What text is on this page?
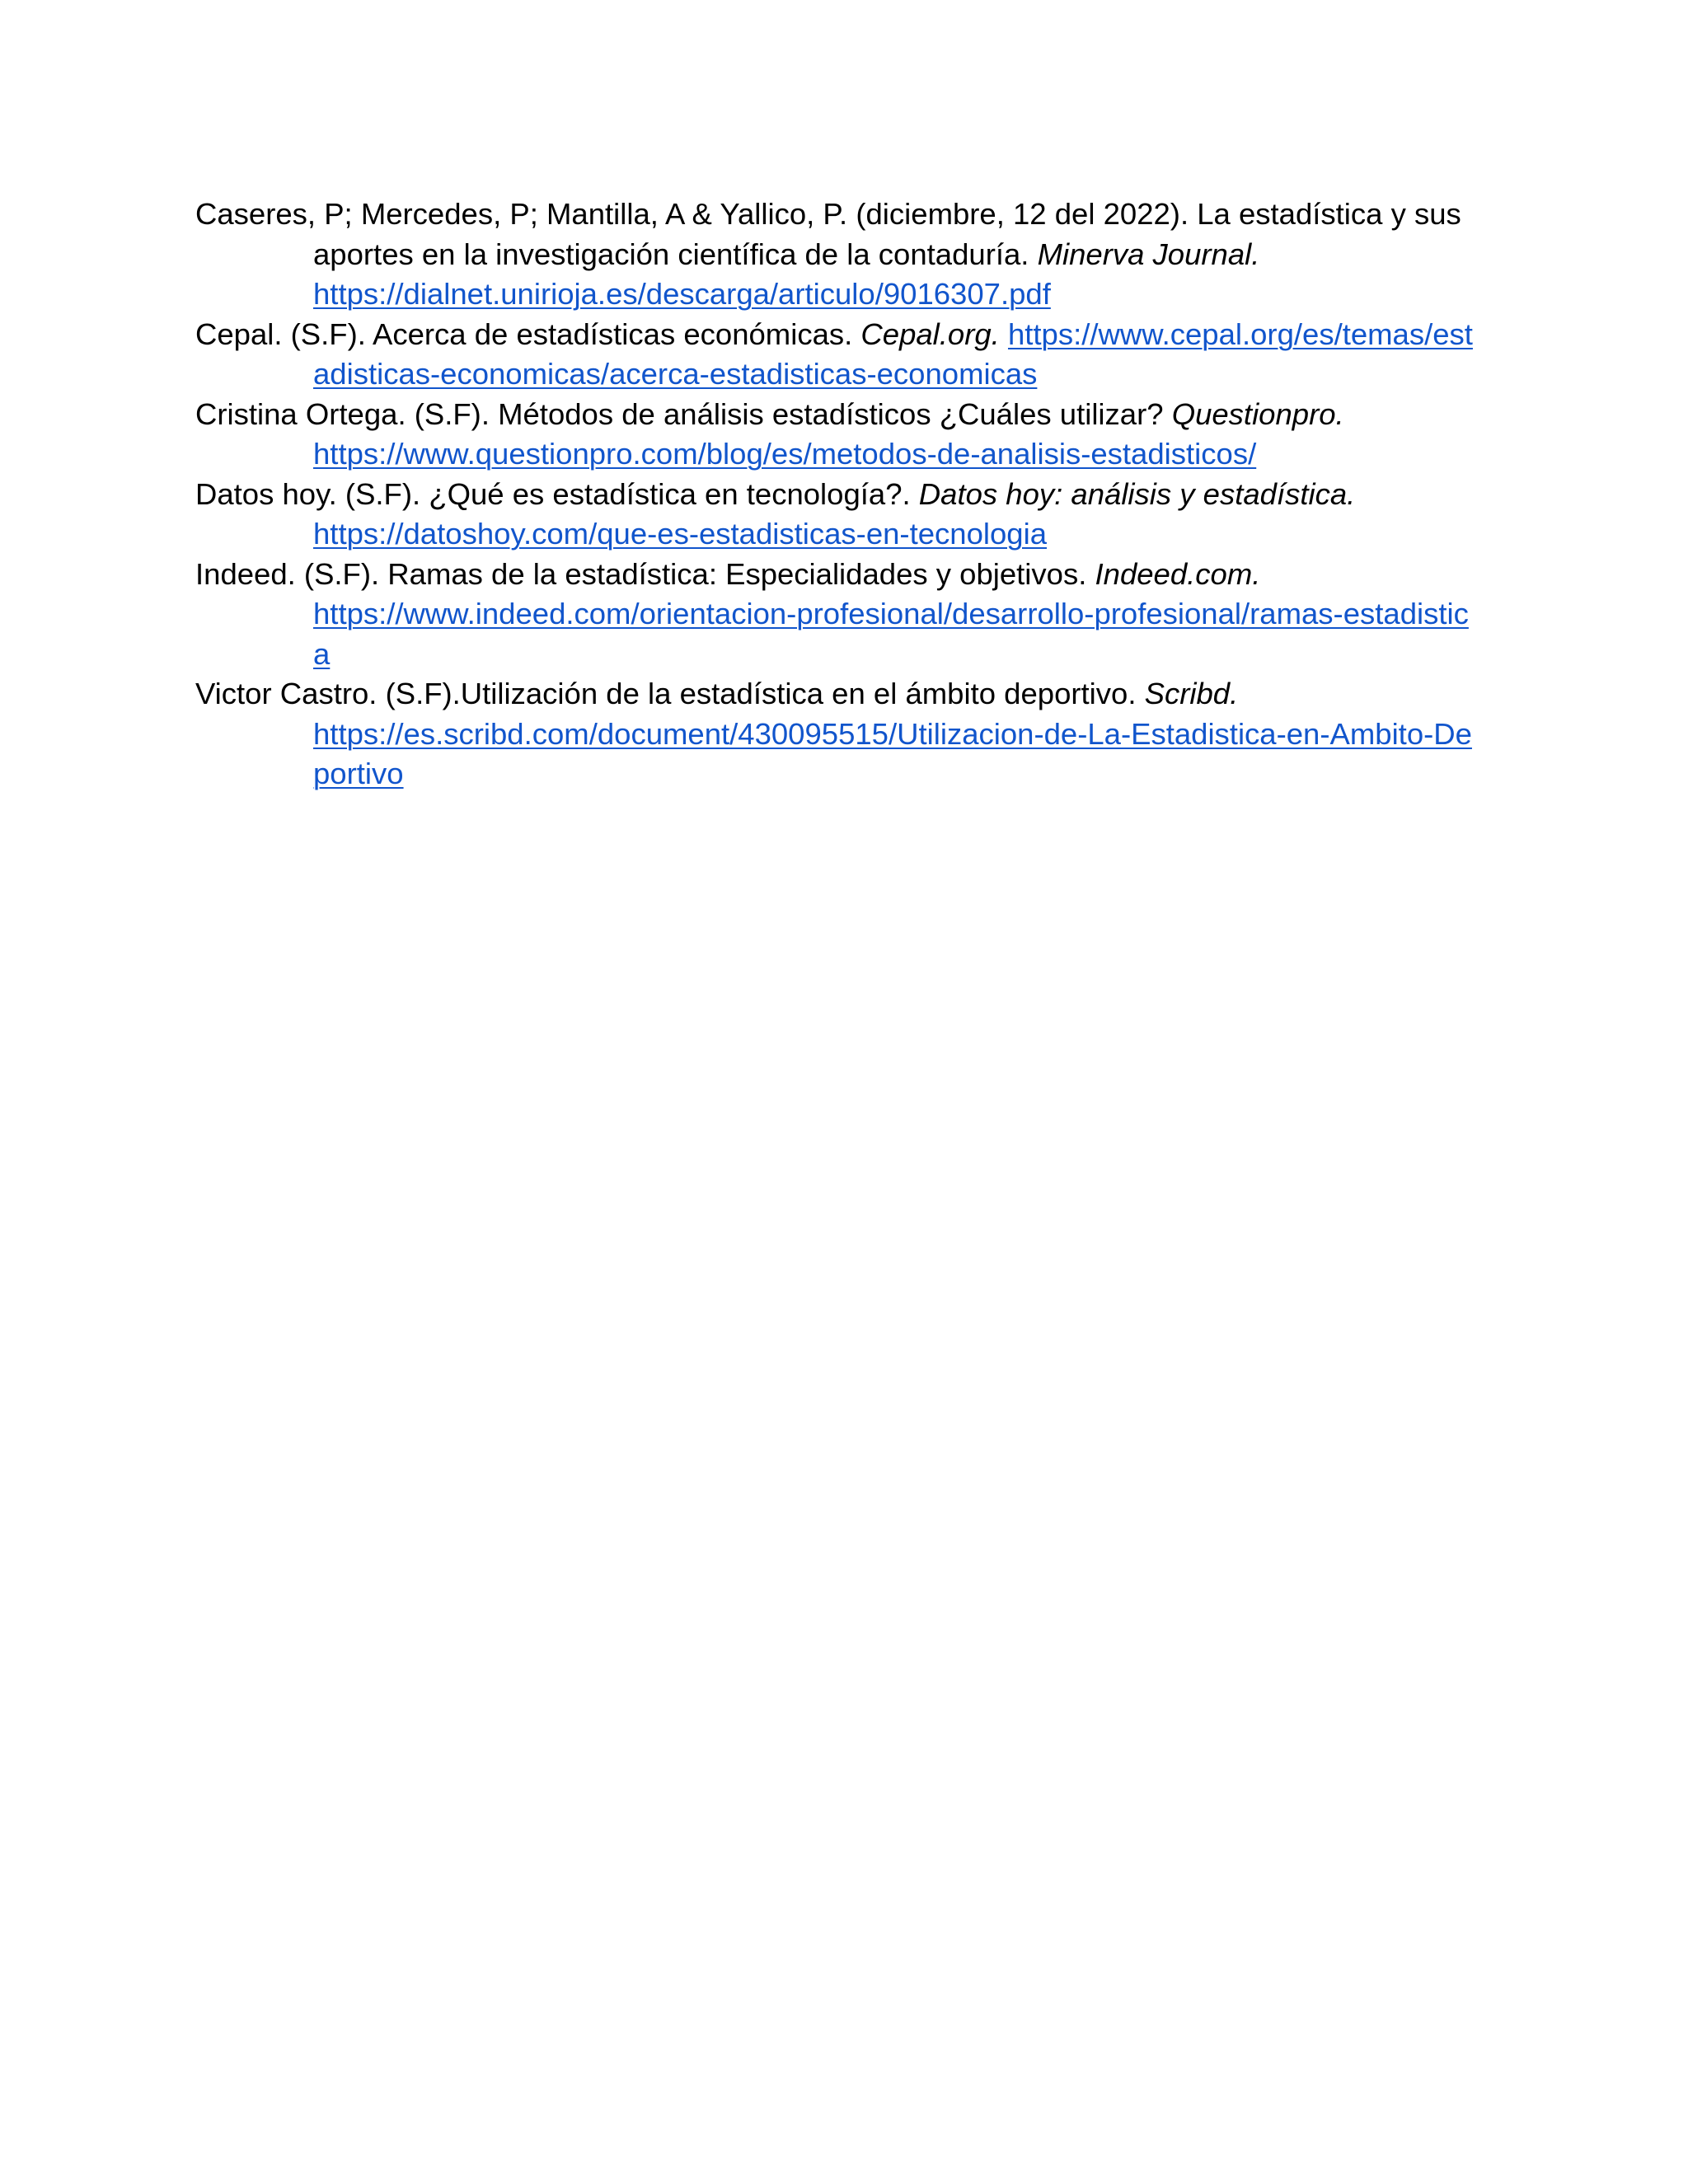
Caseres, P; Mercedes, P; Mantilla, A & Yallico, P. (diciembre, 12 del 2022). La estadística y sus aportes en la investigación científica de la contaduría. Minerva Journal.
https://dialnet.unirioja.es/descarga/articulo/9016307.pdf

Cepal. (S.F). Acerca de estadísticas económicas. Cepal.org. https://www.cepal.org/es/temas/estadisticas-economicas/acerca-estadisticas-economicas

Cristina Ortega. (S.F). Métodos de análisis estadísticos ¿Cuáles utilizar? Questionpro.
https://www.questionpro.com/blog/es/metodos-de-analisis-estadisticos/

Datos hoy. (S.F). ¿Qué es estadística en tecnología?. Datos hoy: análisis y estadística.
https://datoshoy.com/que-es-estadisticas-en-tecnologia

Indeed. (S.F). Ramas de la estadística: Especialidades y objetivos. Indeed.com.
https://www.indeed.com/orientacion-profesional/desarrollo-profesional/ramas-estadistica

Victor Castro. (S.F).Utilización de la estadística en el ámbito deportivo. Scribd.
https://es.scribd.com/document/430095515/Utilizacion-de-La-Estadistica-en-Ambito-Deportivo
